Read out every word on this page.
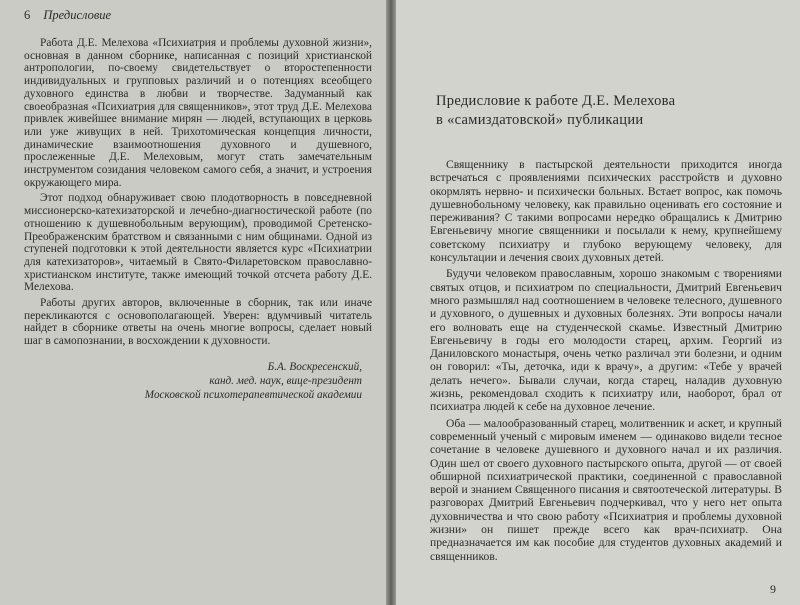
6 Предисловие

Работа Д.Е. Мелехова «Психиатрия и проблемы духовной жизни», основная в данном сборнике, написанная с позиций христианской антропологии, по-своему свидетельствует о второстепенности индивидуальных и групповых различий и о потенциях всеобщего духовного единства в любви и творчестве. Задуманный как своеобразная «Психиатрия для священников», этот труд Д.Е. Мелехова привлек живейшее внимание мирян — людей, вступающих в церковь или уже живущих в ней. Трихотомическая концепция личности, динамические взаимоотношения духовного и душевного, прослеженные Д.Е. Мелеховым, могут стать замечательным инструментом созидания человеком самого себя, а значит, и устроения окружающего мира.

Этот подход обнаруживает свою плодотворность в повседневной миссионерско-катехизаторской и лечебно-диагностической работе (по отношению к душевнобольным верующим), проводимой Сретенско-Преображенским братством и связанными с ним общинами. Одной из ступеней подготовки к этой деятельности является курс «Психиатрии для катехизаторов», читаемый в Свято-Филаретовском православно-христианском институте, также имеющий точкой отсчета работу Д.Е. Мелехова.

Работы других авторов, включенные в сборник, так или иначе перекликаются с основополагающей. Уверен: вдумчивый читатель найдет в сборнике ответы на очень многие вопросы, сделает новый шаг в самопознании, в восхождении к духовности.

Б.А. Воскресенский,
канд. мед. наук, вице-президент
Московской психотерапевтической академии
Предисловие к работе Д.Е. Мелехова
в «самиздатовской» публикации

Священнику в пастырской деятельности приходится иногда встречаться с проявлениями психических расстройств и духовно окормлять нервно- и психически больных. Встает вопрос, как помочь душевнобольному человеку, как правильно оценивать его состояние и переживания? С такими вопросами нередко обращались к Дмитрию Евгеньевичу многие священники и посылали к нему, крупнейшему советскому психиатру и глубоко верующему человеку, для консультации и лечения своих духовных детей.

Будучи человеком православным, хорошо знакомым с творениями святых отцов, и психиатром по специальности, Дмитрий Евгеньевич много размышлял над соотношением в человеке телесного, душевного и духовного, о душевных и духовных болезнях. Эти вопросы начали его волновать еще на студенческой скамье. Известный Дмитрию Евгеньевичу в годы его молодости старец, архим. Георгий из Даниловского монастыря, очень четко различал эти болезни, и одним он говорил: «Ты, деточка, иди к врачу», а другим: «Тебе у врачей делать нечего». Бывали случаи, когда старец, наладив духовную жизнь, рекомендовал сходить к психиатру или, наоборот, брал от психиатра людей к себе на духовное лечение.

Оба — малообразованный старец, молитвенник и аскет, и крупный современный ученый с мировым именем — одинаково видели тесное сочетание в человеке душевного и духовного начал и их различия. Один шел от своего духовного пастырского опыта, другой — от своей обширной психиатрической практики, соединенной с православной верой и знанием Священного писания и святоотеческой литературы. В разговорах Дмитрий Евгеньевич подчеркивал, что у него нет опыта духовничества и что свою работу «Психиатрия и проблемы духовной жизни» он пишет прежде всего как врач-психиатр. Она предназначается им как пособие для студентов духовных академий и священников.

9
